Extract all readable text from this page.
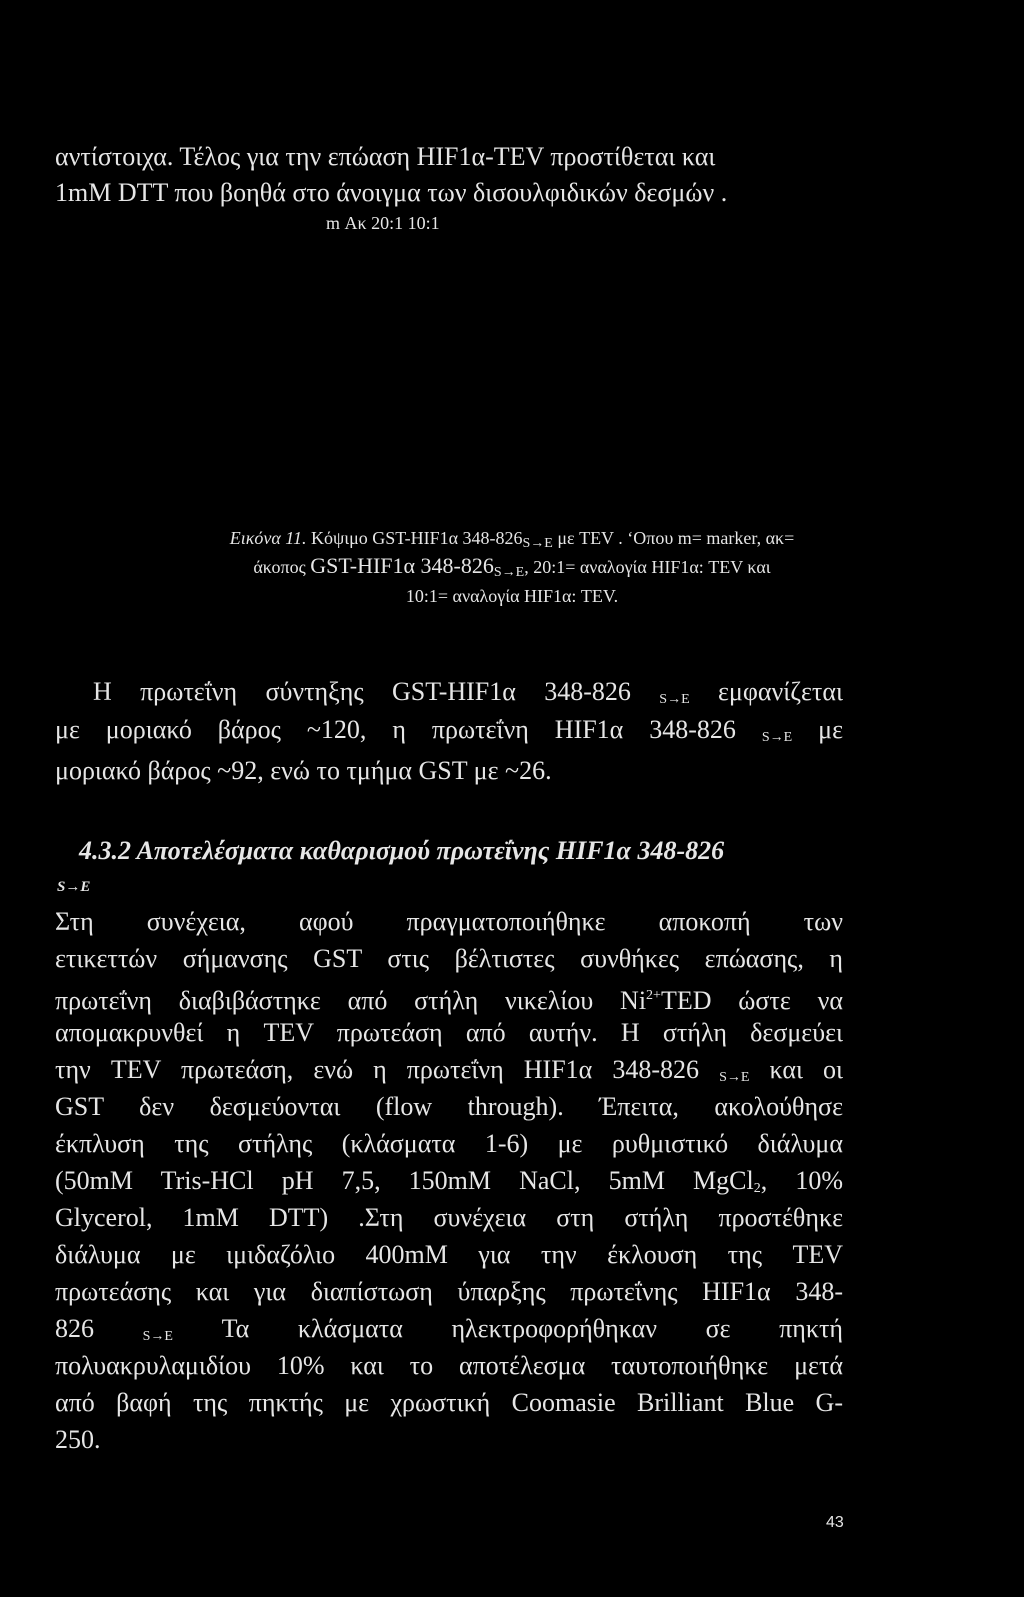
αντίστοιχα. Τέλος για την επώαση HIF1α-TEV προστίθεται και
1mM DTT που βοηθά στο άνοιγμα των δισουλφιδικών δεσμών .
m Ακ 20:1 10:1
Εικόνα 11. Κόψιμο GST-HIF1α $348-826_{S\to E}$ με TEV . ‘Οπου m= marker, ακ=
άκοπος GST-HIF1α $348-826_{S\to E}$, 20:1= αναλογία HIF1α: TEV και
10:1= αναλογία HIF1α: TEV.
Η πρωτεΐνη σύντηξης GST-HIF1α 348-826 $_{S\to E}$ εμφανίζεται
με μοριακό βάρος ~120, η πρωτεΐνη HIF1α 348-826 $_{S\to E}$ με
μοριακό βάρος ~92, ενώ το τμήμα GST με ~26.
4.3.2 Αποτελέσματα καθαρισμού πρωτεΐνης HIF1α 348-826
S→E
Στη συνέχεια, αφού πραγματοποιήθηκε αποκοπή των
ετικεττών σήμανσης GST στις βέλτιστες συνθήκες επώασης, η
πρωτεΐνη διαβιβάστηκε από στήλη νικελίου $Ni^{2+}TED$ ώστε να
απομακρυνθεί η TEV πρωτεάση από αυτήν. Η στήλη δεσμεύει
την TEV πρωτεάση, ενώ η πρωτεΐνη HIF1α 348-826 $_{S\to E}$ και οι
GST δεν δεσμεύονται (flow through). Έπειτα, ακολούθησε
έκπλυση της στήλης (κλάσματα 1-6) με ρυθμιστικό διάλυμα
(50mM Tris-HCl pH 7,5, 150mM NaCl, 5mM MgCl$_2$, 10%
Glycerol, 1mM DTT) .Στη συνέχεια στη στήλη προστέθηκε
διάλυμα με ιμιδαζόλιο 400mM για την έκλουση της TEV
πρωτεάσης και για διαπίστωση ύπαρξης πρωτεΐνης HIF1α 348-
826	$_{S\to E}$ Τα κλάσματα ηλεκτροφορήθηκαν σε πηκτή
πολυακρυλαμιδίου 10% και το αποτέλεσμα ταυτοποιήθηκε μετά
από βαφή της πηκτής με χρωστική Coomasie Brilliant Blue G-
250.
43
